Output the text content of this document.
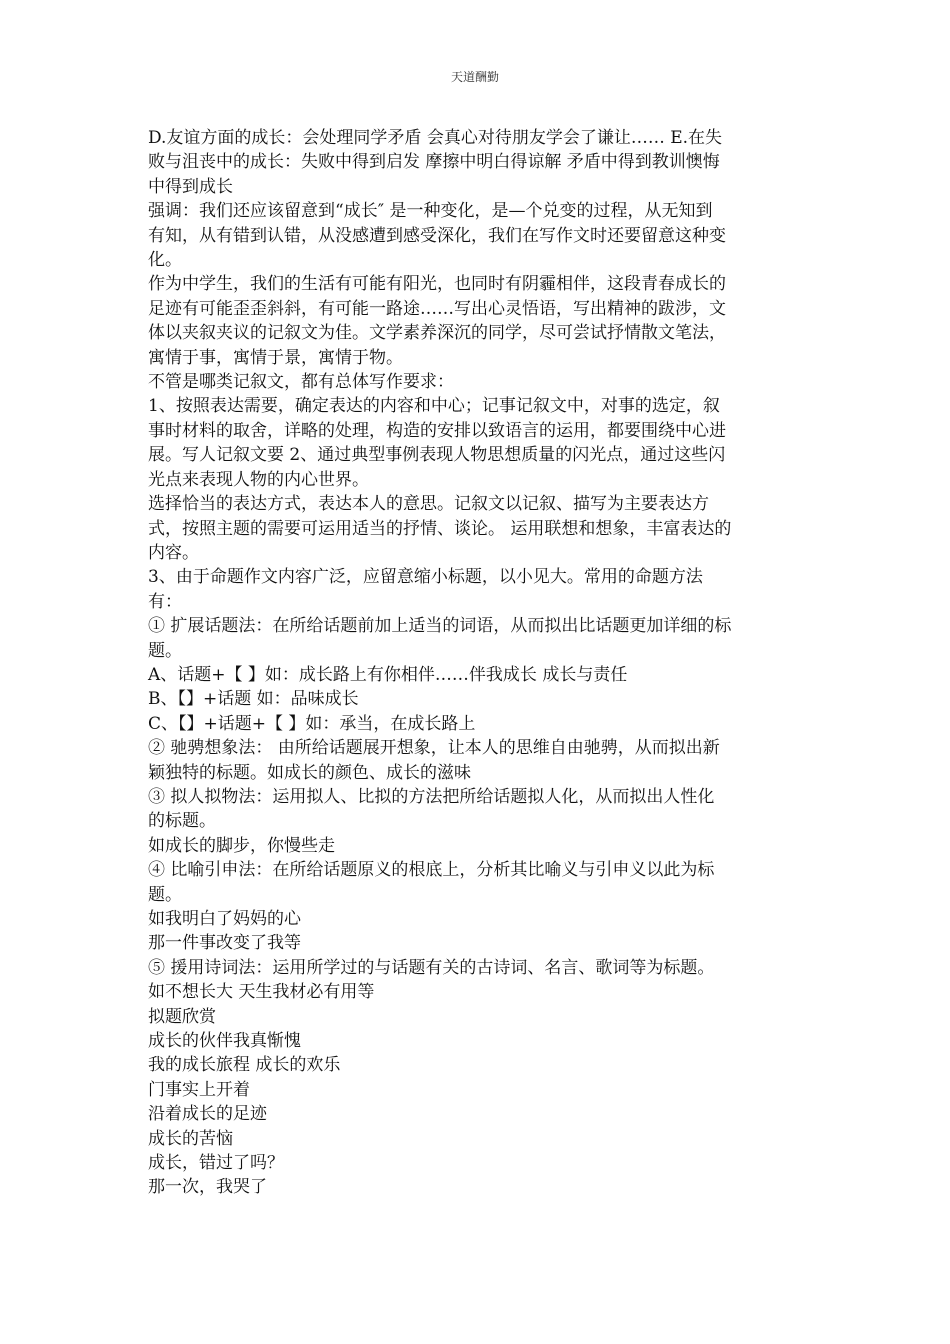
天道酬勤

D.友谊方面的成长：会处理同学矛盾 会真心对待朋友学会了谦让…… E.在失

败与沮丧中的成长：失败中得到启发 摩擦中明白得谅解 矛盾中得到教训懊悔

中得到成长

强调：我们还应该留意到“成长″ 是一种变化，是—个兑变的过程，从无知到

有知，从有错到认错，从没感遭到感受深化，我们在写作文时还要留意这种变

化。

作为中学生，我们的生活有可能有阳光，也同时有阴霾相伴，这段青春成长的

足迹有可能歪歪斜斜，有可能一路途……写出心灵悟语，写出精神的跋涉，文

体以夹叙夹议的记叙文为佳。文学素养深沉的同学，尽可尝试抒情散文笔法，

寓情于事，寓情于景，寓情于物。

不管是哪类记叙文，都有总体写作要求：

1、按照表达需要，确定表达的内容和中心；记事记叙文中，对事的选定，叙

事时材料的取舍，详略的处理，构造的安排以致语言的运用，都要围绕中心进

展。写人记叙文要 2、通过典型事例表现人物思想质量的闪光点，通过这些闪

光点来表现人物的内心世界。

选择恰当的表达方式，表达本人的意思。记叙文以记叙、描写为主要表达方

式，按照主题的需要可运用适当的抒情、谈论。 运用联想和想象，丰富表达的

内容。

3、由于命题作文内容广泛，应留意缩小标题，以小见大。常用的命题方法

有：

① 扩展话题法：在所给话题前加上适当的词语，从而拟出比话题更加详细的标

题。

A、话题+【 】如：成长路上有你相伴……伴我成长 成长与责任

B、【】+话题 如：品味成长

C、【】+话题+【 】如：承当，在成长路上

② 驰骋想象法： 由所给话题展开想象，让本人的思维自由驰骋，从而拟出新

颖独特的标题。如成长的颜色、成长的滋味

③ 拟人拟物法：运用拟人、比拟的方法把所给话题拟人化，从而拟出人性化

的标题。

如成长的脚步，你慢些走

④ 比喻引申法：在所给话题原义的根底上，分析其比喻义与引申义以此为标

题。

如我明白了妈妈的心

那一件事改变了我等

⑤ 援用诗词法：运用所学过的与话题有关的古诗词、名言、歌词等为标题。

如不想长大 天生我材必有用等

拟题欣赏

成长的伙伴我真惭愧

我的成长旅程 成长的欢乐

门事实上开着

沿着成长的足迹

成长的苦恼

成长，错过了吗？

那一次，我哭了
